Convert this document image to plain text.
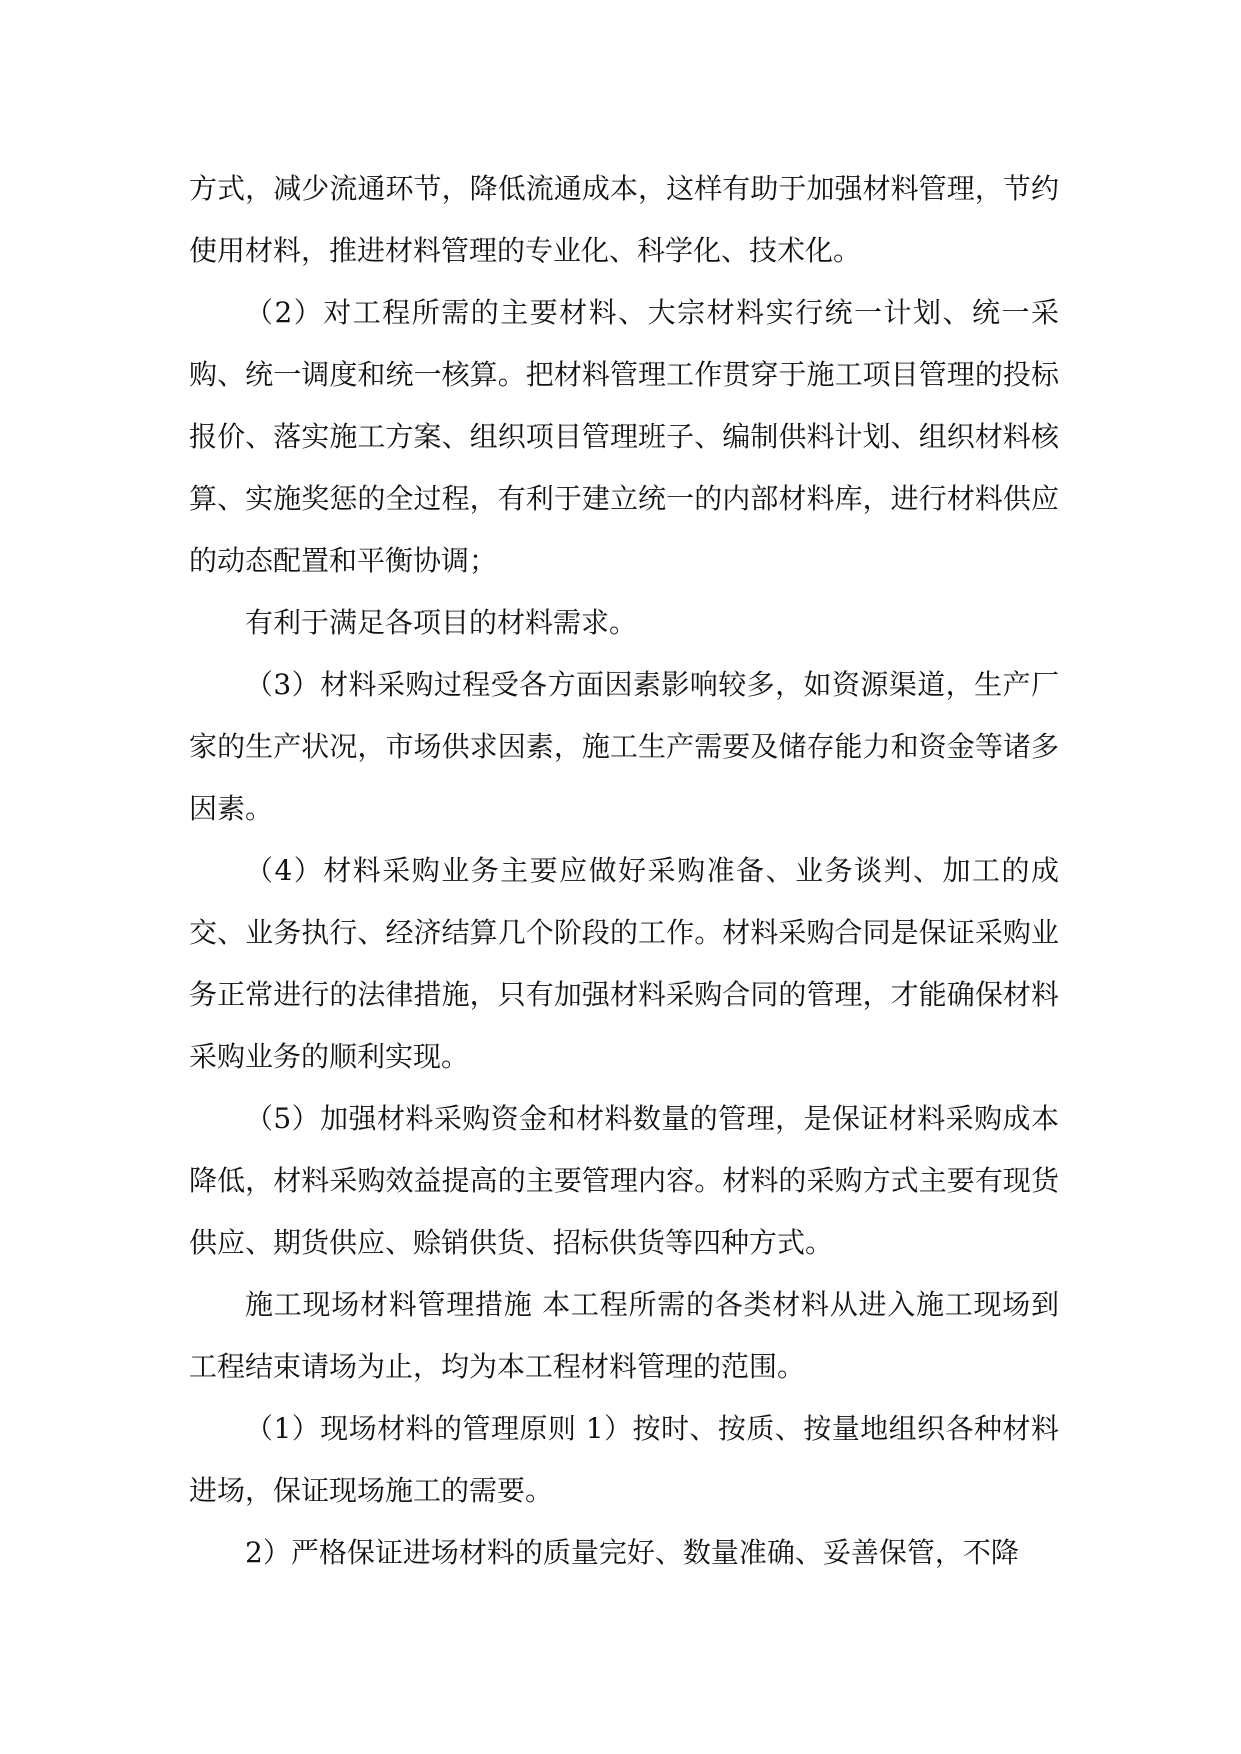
方式，减少流通环节，降低流通成本，这样有助于加强材料管理，节约使用材料，推进材料管理的专业化、科学化、技术化。

（2）对工程所需的主要材料、大宗材料实行统一计划、统一采购、统一调度和统一核算。把材料管理工作贯穿于施工项目管理的投标报价、落实施工方案、组织项目管理班子、编制供料计划、组织材料核算、实施奖惩的全过程，有利于建立统一的内部材料库，进行材料供应的动态配置和平衡协调；

有利于满足各项目的材料需求。

（3）材料采购过程受各方面因素影响较多，如资源渠道，生产厂家的生产状况，市场供求因素，施工生产需要及储存能力和资金等诸多因素。

（4）材料采购业务主要应做好采购准备、业务谈判、加工的成交、业务执行、经济结算几个阶段的工作。材料采购合同是保证采购业务正常进行的法律措施，只有加强材料采购合同的管理，才能确保材料采购业务的顺利实现。

（5）加强材料采购资金和材料数量的管理，是保证材料采购成本降低，材料采购效益提高的主要管理内容。材料的采购方式主要有现货供应、期货供应、赊销供货、招标供货等四种方式。

施工现场材料管理措施 本工程所需的各类材料从进入施工现场到工程结束请场为止，均为本工程材料管理的范围。

（1）现场材料的管理原则 1）按时、按质、按量地组织各种材料进场，保证现场施工的需要。

2）严格保证进场材料的质量完好、数量准确、妥善保管，不降
